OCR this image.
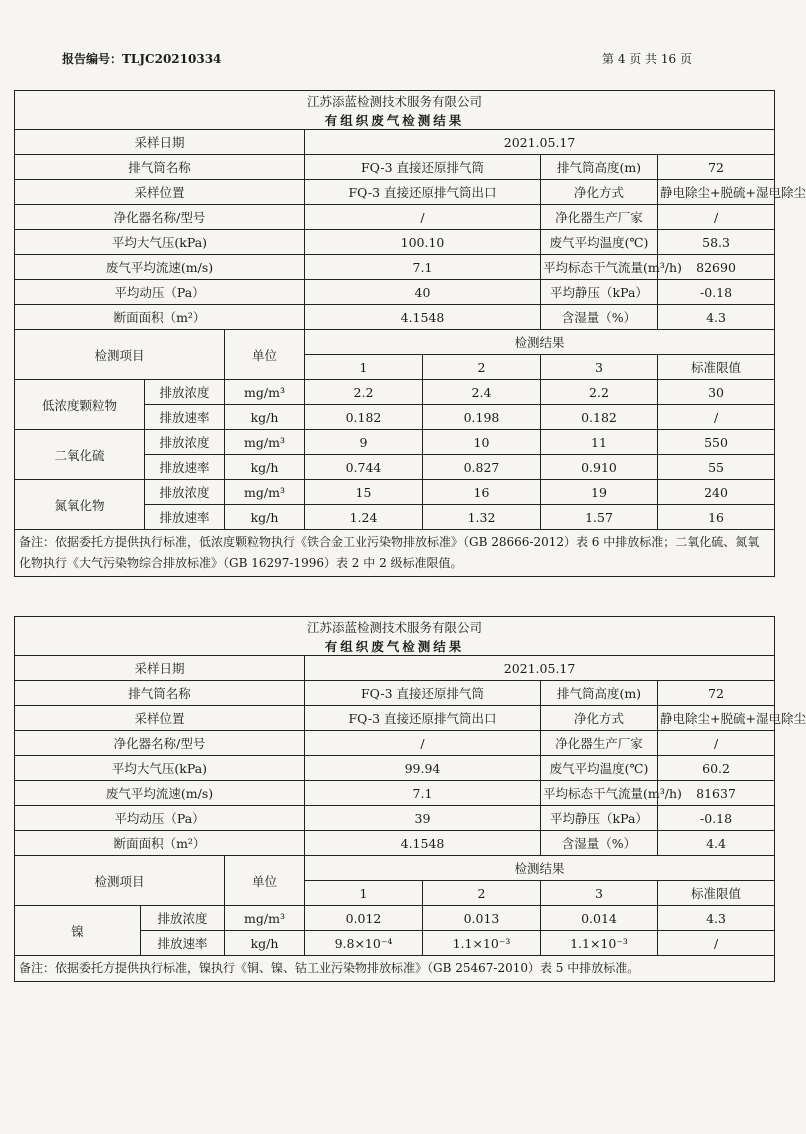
报告编号：TLJC20210334	第 4 页 共 16 页
江苏添蓝检测技术服务有限公司						
有组织废气检测结果						
采样日期			2021.05.17			
排气筒名称			FQ-3 直接还原排气筒		排气筒高度(m)	72
采样位置			FQ-3 直接还原排气筒出口		净化方式	静电除尘+脱硫+湿电除尘
净化器名称/型号			/		净化器生产厂家	/
平均大气压(kPa)			100.10		废气平均温度(℃)	58.3
废气平均流速(m/s)			7.1		平均标态干气流量(m³/h)	82690
平均动压（Pa）			40		平均静压（kPa）	-0.18
断面面积（m²）			4.1548		含湿量（%）	4.3
检测项目		单位	检测结果			
			1	2	3	标准限值
低浓度颗粒物	排放浓度	mg/m³	2.2	2.4	2.2	30
	排放速率	kg/h	0.182	0.198	0.182	/
二氧化硫	排放浓度	mg/m³	9	10	11	550
	排放速率	kg/h	0.744	0.827	0.910	55
氮氧化物	排放浓度	mg/m³	15	16	19	240
	排放速率	kg/h	1.24	1.32	1.57	16
备注：依据委托方提供执行标准，低浓度颗粒物执行《铁合金工业污染物排放标准》（GB 28666-2012）表 6 中排放标准；二氧化硫、氮氧化物执行《大气污染物综合排放标准》（GB 16297-1996）表 2 中 2 级标准限值。						
江苏添蓝检测技术服务有限公司						
有组织废气检测结果						
采样日期			2021.05.17			
排气筒名称			FQ-3 直接还原排气筒		排气筒高度(m)	72
采样位置			FQ-3 直接还原排气筒出口		净化方式	静电除尘+脱硫+湿电除尘
净化器名称/型号			/		净化器生产厂家	/
平均大气压(kPa)			99.94		废气平均温度(℃)	60.2
废气平均流速(m/s)			7.1		平均标态干气流量(m³/h)	81637
平均动压（Pa）			39		平均静压（kPa）	-0.18
断面面积（m²）			4.1548		含湿量（%）	4.4
检测项目		单位	检测结果			
			1	2	3	标准限值
镍	排放浓度	mg/m³	0.012	0.013	0.014	4.3
	排放速率	kg/h	9.8×10⁻⁴	1.1×10⁻³	1.1×10⁻³	/
备注：依据委托方提供执行标准，镍执行《铜、镍、钴工业污染物排放标准》（GB 25467-2010）表 5 中排放标准。						
